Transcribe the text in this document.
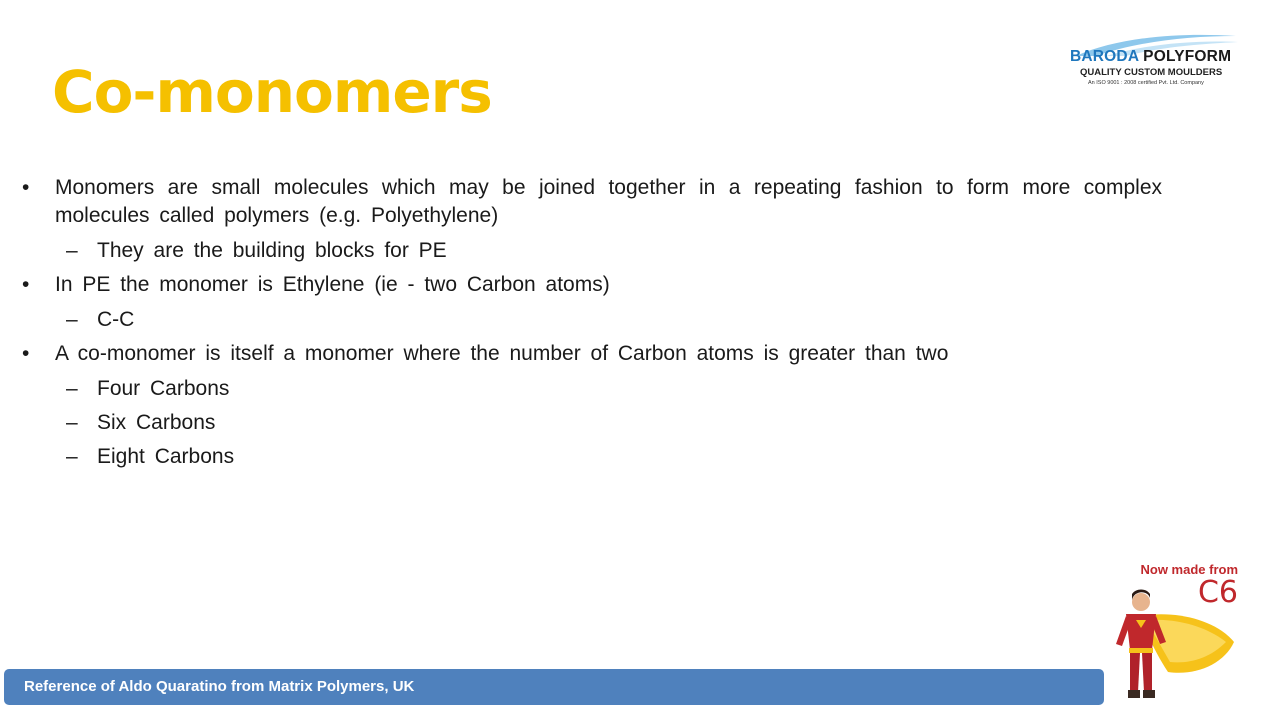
Co-monomers
BARODA POLYFORM
QUALITY CUSTOM MOULDERS
An ISO 9001 : 2008 certified Pvt. Ltd. Company
• Monomers are small molecules which may be joined together in a repeating fashion to form more complex molecules called polymers (e.g. Polyethylene)
– They are the building blocks for PE
• In PE the monomer is Ethylene (ie - two Carbon atoms)
– C-C
• A co-monomer is itself a monomer where the number of Carbon atoms is greater than two
– Four Carbons
– Six Carbons
– Eight Carbons
Now made from
C6
Reference of Aldo Quaratino from Matrix Polymers, UK
